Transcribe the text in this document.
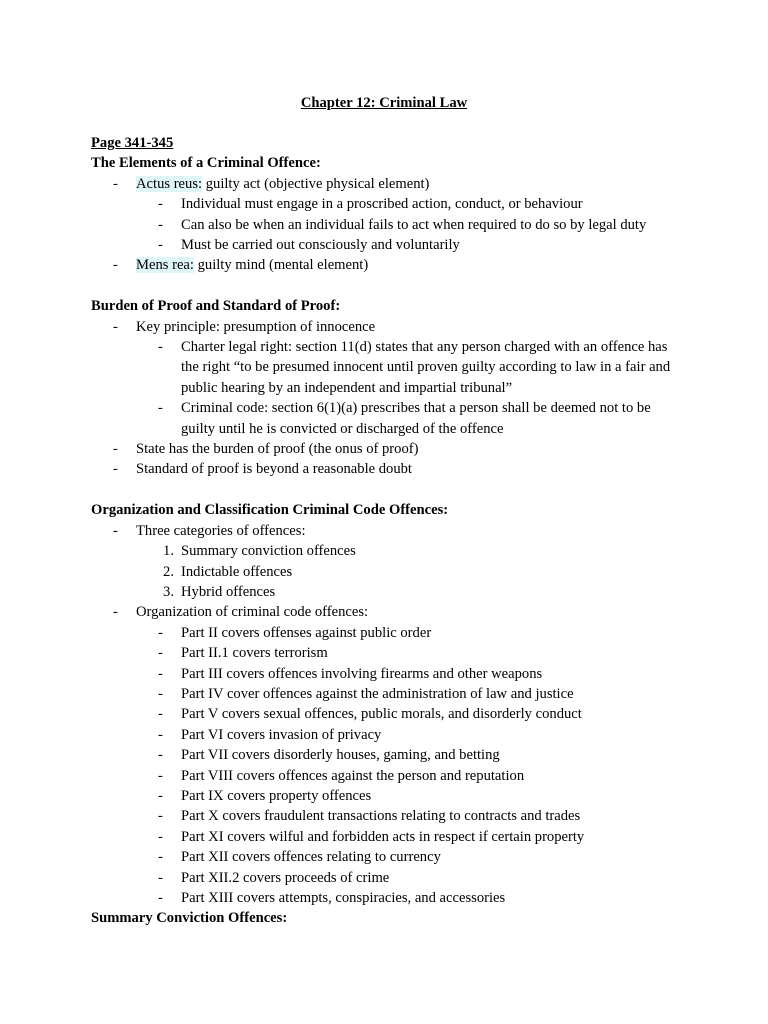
Chapter 12: Criminal Law
Page 341-345
The Elements of a Criminal Offence:
- Actus reus: guilty act (objective physical element)
- Individual must engage in a proscribed action, conduct, or behaviour
- Can also be when an individual fails to act when required to do so by legal duty
- Must be carried out consciously and voluntarily
- Mens rea: guilty mind (mental element)
Burden of Proof and Standard of Proof:
- Key principle: presumption of innocence
- Charter legal right: section 11(d) states that any person charged with an offence has the right “to be presumed innocent until proven guilty according to law in a fair and public hearing by an independent and impartial tribunal”
- Criminal code: section 6(1)(a) prescribes that a person shall be deemed not to be guilty until he is convicted or discharged of the offence
- State has the burden of proof (the onus of proof)
- Standard of proof is beyond a reasonable doubt
Organization and Classification Criminal Code Offences:
- Three categories of offences:
1. Summary conviction offences
2. Indictable offences
3. Hybrid offences
- Organization of criminal code offences:
- Part II covers offenses against public order
- Part II.1 covers terrorism
- Part III covers offences involving firearms and other weapons
- Part IV cover offences against the administration of law and justice
- Part V covers sexual offences, public morals, and disorderly conduct
- Part VI covers invasion of privacy
- Part VII covers disorderly houses, gaming, and betting
- Part VIII covers offences against the person and reputation
- Part IX covers property offences
- Part X covers fraudulent transactions relating to contracts and trades
- Part XI covers wilful and forbidden acts in respect if certain property
- Part XII covers offences relating to currency
- Part XII.2 covers proceeds of crime
- Part XIII covers attempts, conspiracies, and accessories
Summary Conviction Offences:
